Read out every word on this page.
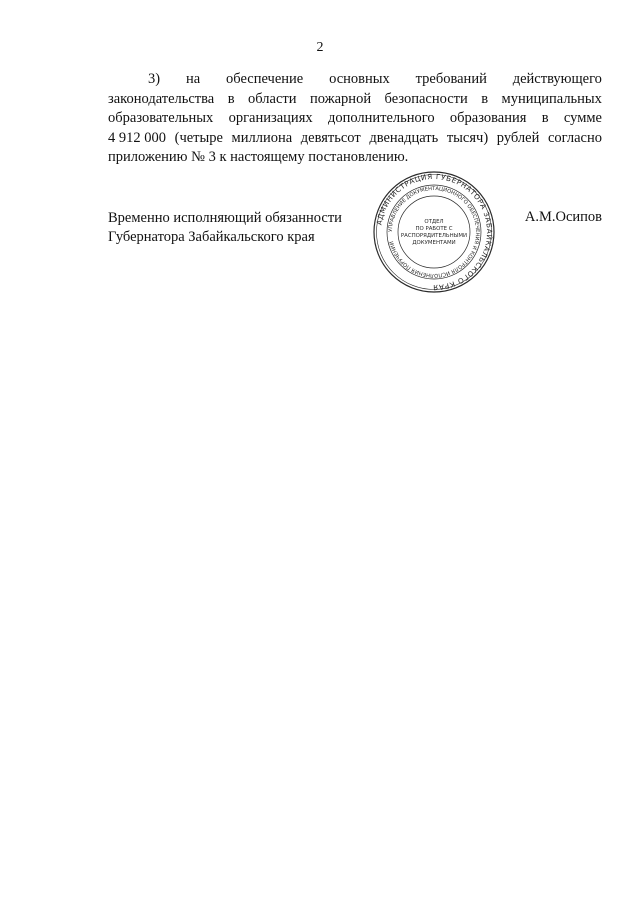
2
3) на обеспечение основных требований действующего
законодательства в области пожарной безопасности в муниципальных
образовательных организациях дополнительного образования в сумме
4 912 000 (четыре миллиона девятьсот двенадцать тысяч) рублей согласно
приложению № 3 к настоящему постановлению.
Временно исполняющий обязанности
Губернатора Забайкальского края
А.М.Осипов
АДМИНИСТРАЦИЯ ГУБЕРНАТОРА ЗАБАЙКАЛЬСКОГО КРАЯ
УПРАВЛЕНИЕ ДОКУМЕНТАЦИОННОГО ОБЕСПЕЧЕНИЯ И КОНТРОЛЯ ИСПОЛНЕНИЯ ПОРУЧЕНИЙ
ОТДЕЛ
ПО РАБОТЕ С
РАСПОРЯДИТЕЛЬНЫМИ
ДОКУМЕНТАМИ
